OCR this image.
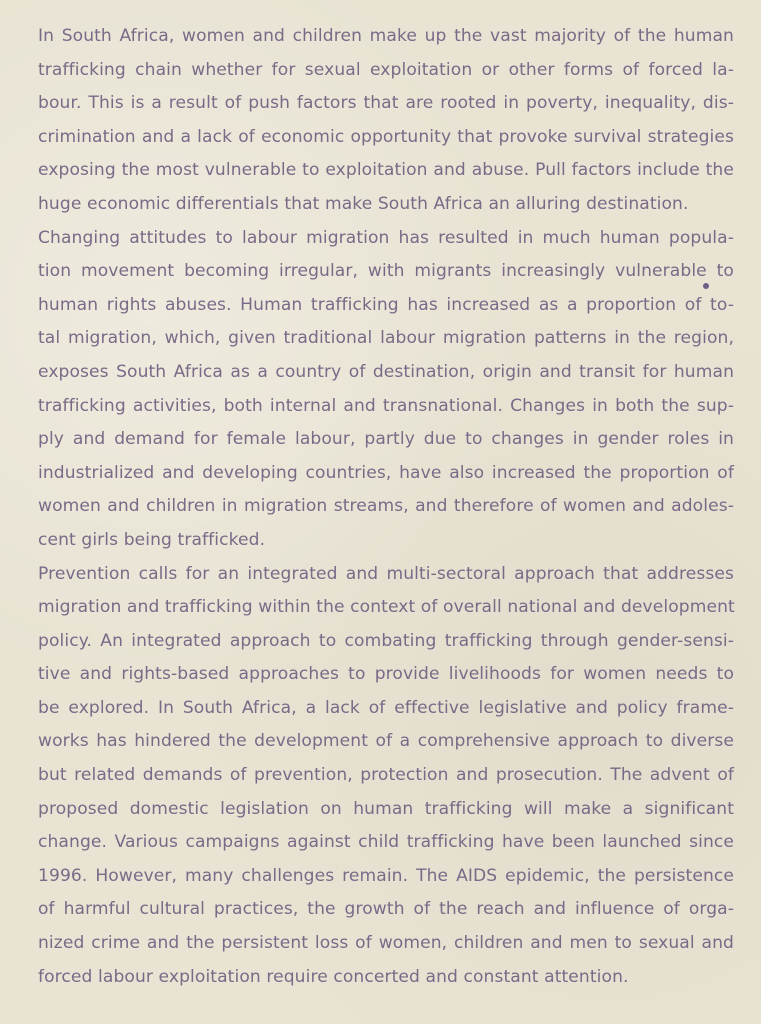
In South Africa, women and children make up the vast majority of the human
trafficking chain whether for sexual exploitation or other forms of forced la-
bour. This is a result of push factors that are rooted in poverty, inequality, dis-
crimination and a lack of economic opportunity that provoke survival strategies
exposing the most vulnerable to exploitation and abuse. Pull factors include the
huge economic differentials that make South Africa an alluring destination.
Changing attitudes to labour migration has resulted in much human popula-
tion movement becoming irregular, with migrants increasingly vulnerable to
human rights abuses. Human trafficking has increased as a proportion of to-
tal migration, which, given traditional labour migration patterns in the region,
exposes South Africa as a country of destination, origin and transit for human
trafficking activities, both internal and transnational. Changes in both the sup-
ply and demand for female labour, partly due to changes in gender roles in
industrialized and developing countries, have also increased the proportion of
women and children in migration streams, and therefore of women and adoles-
cent girls being trafficked.
Prevention calls for an integrated and multi-sectoral approach that addresses
migration and trafficking within the context of overall national and development
policy. An integrated approach to combating trafficking through gender-sensi-
tive and rights-based approaches to provide livelihoods for women needs to
be explored. In South Africa, a lack of effective legislative and policy frame-
works has hindered the development of a comprehensive approach to diverse
but related demands of prevention, protection and prosecution. The advent of
proposed domestic legislation on human trafficking will make a significant
change. Various campaigns against child trafficking have been launched since
1996. However, many challenges remain. The AIDS epidemic, the persistence
of harmful cultural practices, the growth of the reach and influence of orga-
nized crime and the persistent loss of women, children and men to sexual and
forced labour exploitation require concerted and constant attention.
